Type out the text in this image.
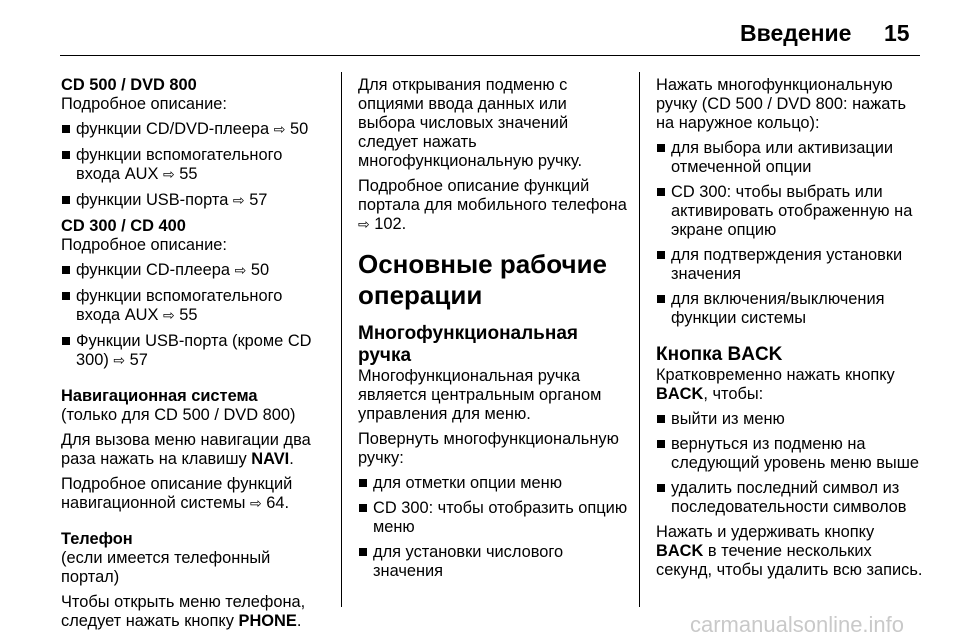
Введение 15

CD 500 / DVD 800

Подробное описание:

функции CD/DVD-плеера ⇨ 50
функции вспомогательного входа AUX ⇨ 55
функции USB-порта ⇨ 57

CD 300 / CD 400

Подробное описание:

функции CD-плеера ⇨ 50
функции вспомогательного входа AUX ⇨ 55
Функции USB-порта (кроме CD 300) ⇨ 57

Навигационная система

(только для CD 500 / DVD 800)

Для вызова меню навигации два раза нажать на клавишу NAVI.

Подробное описание функций навигационной системы ⇨ 64.

Телефон

(если имеется телефонный портал)

Чтобы открыть меню телефона, следует нажать кнопку PHONE.

Для открывания подменю с опциями ввода данных или выбора числовых значений следует нажать многофункциональную ручку.

Подробное описание функций портала для мобильного телефона
⇨ 102.

Основные рабочие операции

Многофункциональная ручка

Многофункциональная ручка является центральным органом управления для меню.

Повернуть многофункциональную ручку:

для отметки опции меню
CD 300: чтобы отобразить опцию меню
для установки числового значения

Нажать многофункциональную ручку (CD 500 / DVD 800: нажать на наружное кольцо):

для выбора или активизации отмеченной опции
CD 300: чтобы выбрать или активировать отображенную на экране опцию
для подтверждения установки значения
для включения/выключения функции системы

Кнопка BACK

Кратковременно нажать кнопку BACK, чтобы:

выйти из меню
вернуться из подменю на следующий уровень меню выше
удалить последний символ из последовательности символов

Нажать и удерживать кнопку
BACK в течение нескольких секунд, чтобы удалить всю запись.

carmanualsonline.info
